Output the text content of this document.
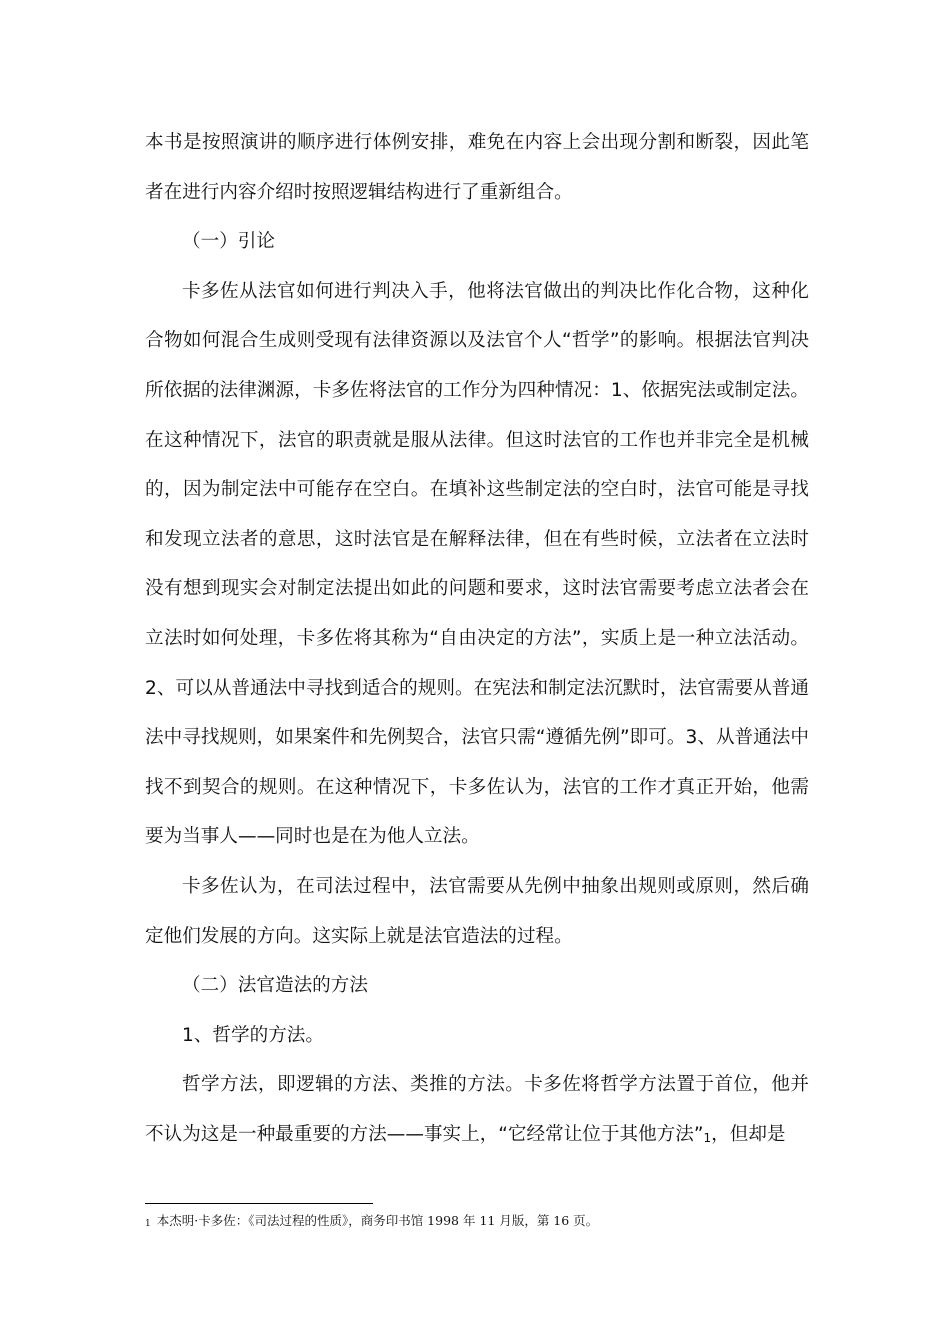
本书是按照演讲的顺序进行体例安排，难免在内容上会出现分割和断裂，因此笔者在进行内容介绍时按照逻辑结构进行了重新组合。

（一）引论

卡多佐从法官如何进行判决入手，他将法官做出的判决比作化合物，这种化合物如何混合生成则受现有法律资源以及法官个人“哲学”的影响。根据法官判决所依据的法律渊源，卡多佐将法官的工作分为四种情况：1、依据宪法或制定法。在这种情况下，法官的职责就是服从法律。但这时法官的工作也并非完全是机械的，因为制定法中可能存在空白。在填补这些制定法的空白时，法官可能是寻找和发现立法者的意思，这时法官是在解释法律，但在有些时候，立法者在立法时没有想到现实会对制定法提出如此的问题和要求，这时法官需要考虑立法者会在立法时如何处理，卡多佐将其称为“自由决定的方法”，实质上是一种立法活动。2、可以从普通法中寻找到适合的规则。在宪法和制定法沉默时，法官需要从普通法中寻找规则，如果案件和先例契合，法官只需“遵循先例”即可。3、从普通法中找不到契合的规则。在这种情况下，卡多佐认为，法官的工作才真正开始，他需要为当事人——同时也是在为他人立法。

卡多佐认为，在司法过程中，法官需要从先例中抽象出规则或原则，然后确定他们发展的方向。这实际上就是法官造法的过程。

（二）法官造法的方法

1、哲学的方法。

哲学方法，即逻辑的方法、类推的方法。卡多佐将哲学方法置于首位，他并不认为这是一种最重要的方法——事实上，“它经常让位于其他方法”1，但却是

1 本杰明·卡多佐：《司法过程的性质》，商务印书馆 1998 年 11 月版，第 16 页。
